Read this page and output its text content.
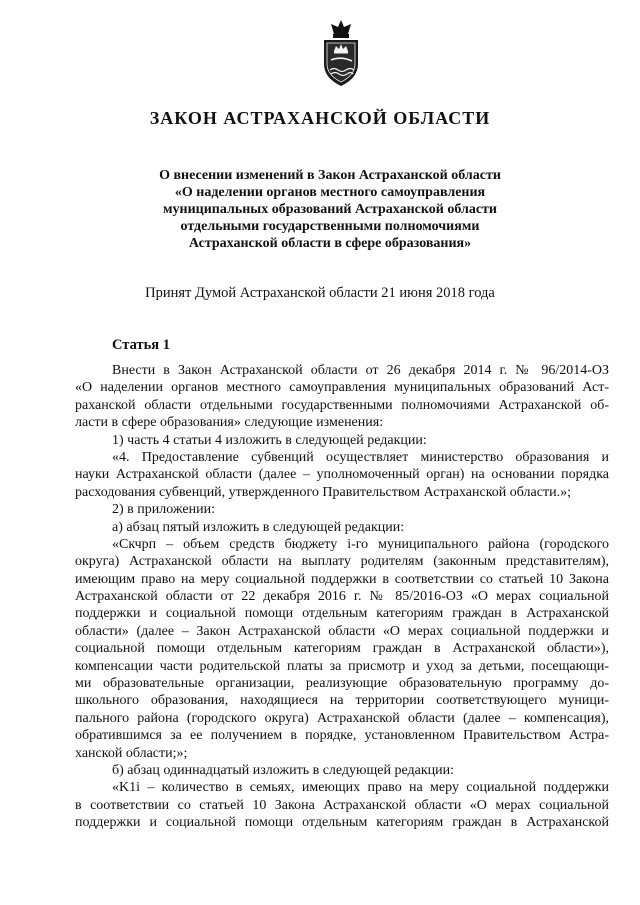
ЗАКОН АСТРАХАНСКОЙ ОБЛАСТИ
О внесении изменений в Закон Астраханской области
«О наделении органов местного самоуправления
муниципальных образований Астраханской области
отдельными государственными полномочиями
Астраханской области в сфере образования»
Принят Думой Астраханской области 21 июня 2018 года
Статья 1
Внести в Закон Астраханской области от 26 декабря 2014 г. № 96/2014-ОЗ
«О наделении органов местного самоуправления муниципальных образований Аст-
раханской области отдельными государственными полномочиями Астраханской об-
ласти в сфере образования» следующие изменения:
1) часть 4 статьи 4 изложить в следующей редакции:
«4. Предоставление субвенций осуществляет министерство образования и
науки Астраханской области (далее – уполномоченный орган) на основании порядка
расходования субвенций, утвержденного Правительством Астраханской области.»;
2) в приложении:
а) абзац пятый изложить в следующей редакции:
«Скчрп – объем средств бюджету i-го муниципального района (городского
округа) Астраханской области на выплату родителям (законным представителям),
имеющим право на меру социальной поддержки в соответствии со статьей 10 Закона
Астраханской области от 22 декабря 2016 г. № 85/2016-ОЗ «О мерах социальной
поддержки и социальной помощи отдельным категориям граждан в Астраханской
области» (далее – Закон Астраханской области «О мерах социальной поддержки и
социальной помощи отдельным категориям граждан в Астраханской области»),
компенсации части родительской платы за присмотр и уход за детьми, посещающи-
ми образовательные организации, реализующие образовательную программу до-
школьного образования, находящиеся на территории соответствующего муници-
пального района (городского округа) Астраханской области (далее – компенсация),
обратившимся за ее получением в порядке, установленном Правительством Астра-
ханской области;»;
б) абзац одиннадцатый изложить в следующей редакции:
«K1i – количество в семьях, имеющих право на меру социальной поддержки
в соответствии со статьей 10 Закона Астраханской области «О мерах социальной
поддержки и социальной помощи отдельным категориям граждан в Астраханской
